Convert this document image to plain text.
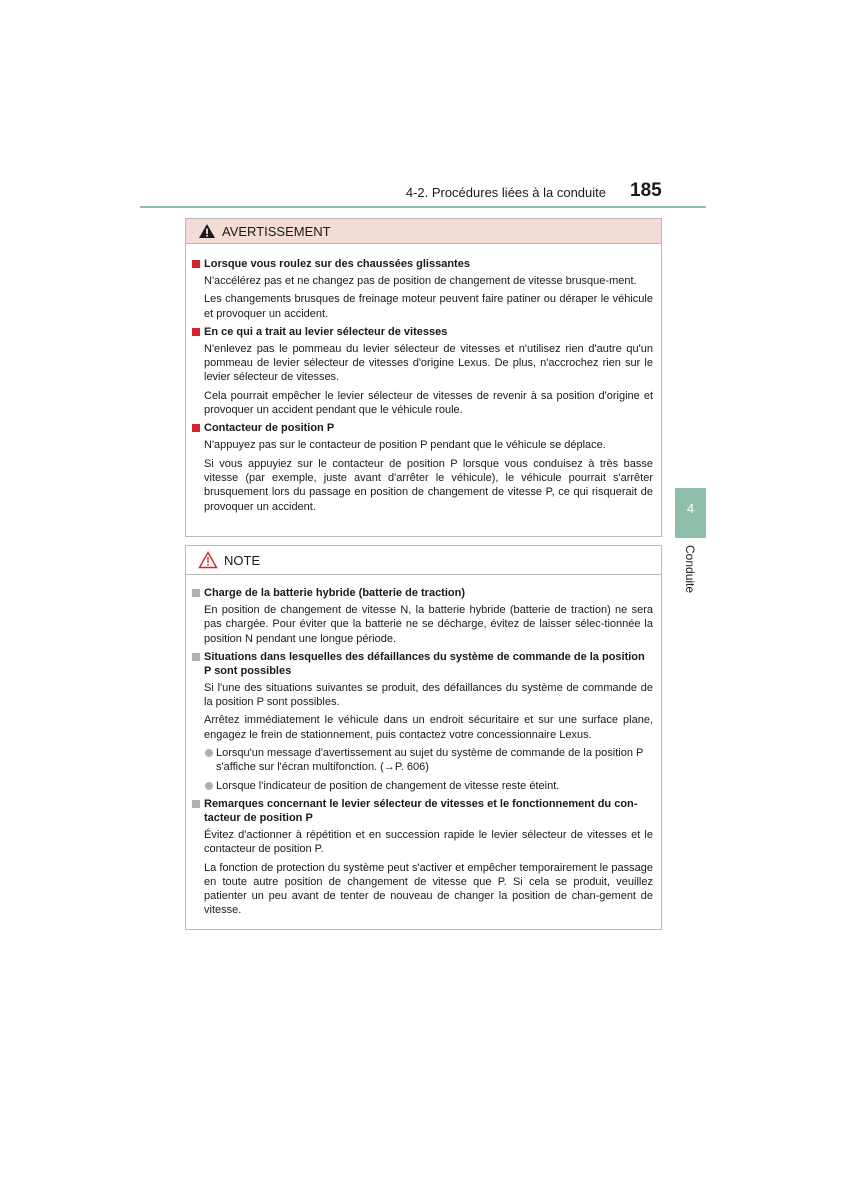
4-2. Procédures liées à la conduite 185
4
Conduite
AVERTISSEMENT
Lorsque vous roulez sur des chaussées glissantes
N'accélérez pas et ne changez pas de position de changement de vitesse brusque-ment.
Les changements brusques de freinage moteur peuvent faire patiner ou déraper le véhicule et provoquer un accident.
En ce qui a trait au levier sélecteur de vitesses
N'enlevez pas le pommeau du levier sélecteur de vitesses et n'utilisez rien d'autre qu'un pommeau de levier sélecteur de vitesses d'origine Lexus. De plus, n'accrochez rien sur le levier sélecteur de vitesses.
Cela pourrait empêcher le levier sélecteur de vitesses de revenir à sa position d'origine et provoquer un accident pendant que le véhicule roule.
Contacteur de position P
N'appuyez pas sur le contacteur de position P pendant que le véhicule se déplace.
Si vous appuyiez sur le contacteur de position P lorsque vous conduisez à très basse vitesse (par exemple, juste avant d'arrêter le véhicule), le véhicule pourrait s'arrêter brusquement lors du passage en position de changement de vitesse P, ce qui risquerait de provoquer un accident.
NOTE
Charge de la batterie hybride (batterie de traction)
En position de changement de vitesse N, la batterie hybride (batterie de traction) ne sera pas chargée. Pour éviter que la batterie ne se décharge, évitez de laisser sélec-tionnée la position N pendant une longue période.
Situations dans lesquelles des défaillances du système de commande de la position P sont possibles
Si l'une des situations suivantes se produit, des défaillances du système de commande de la position P sont possibles.
Arrêtez immédiatement le véhicule dans un endroit sécuritaire et sur une surface plane, engagez le frein de stationnement, puis contactez votre concessionnaire Lexus.
Lorsqu'un message d'avertissement au sujet du système de commande de la position P s'affiche sur l'écran multifonction. (→P. 606)
Lorsque l'indicateur de position de changement de vitesse reste éteint.
Remarques concernant le levier sélecteur de vitesses et le fonctionnement du con-tacteur de position P
Évitez d'actionner à répétition et en succession rapide le levier sélecteur de vitesses et le contacteur de position P.
La fonction de protection du système peut s'activer et empêcher temporairement le passage en toute autre position de changement de vitesse que P. Si cela se produit, veuillez patienter un peu avant de tenter de nouveau de changer la position de chan-gement de vitesse.
